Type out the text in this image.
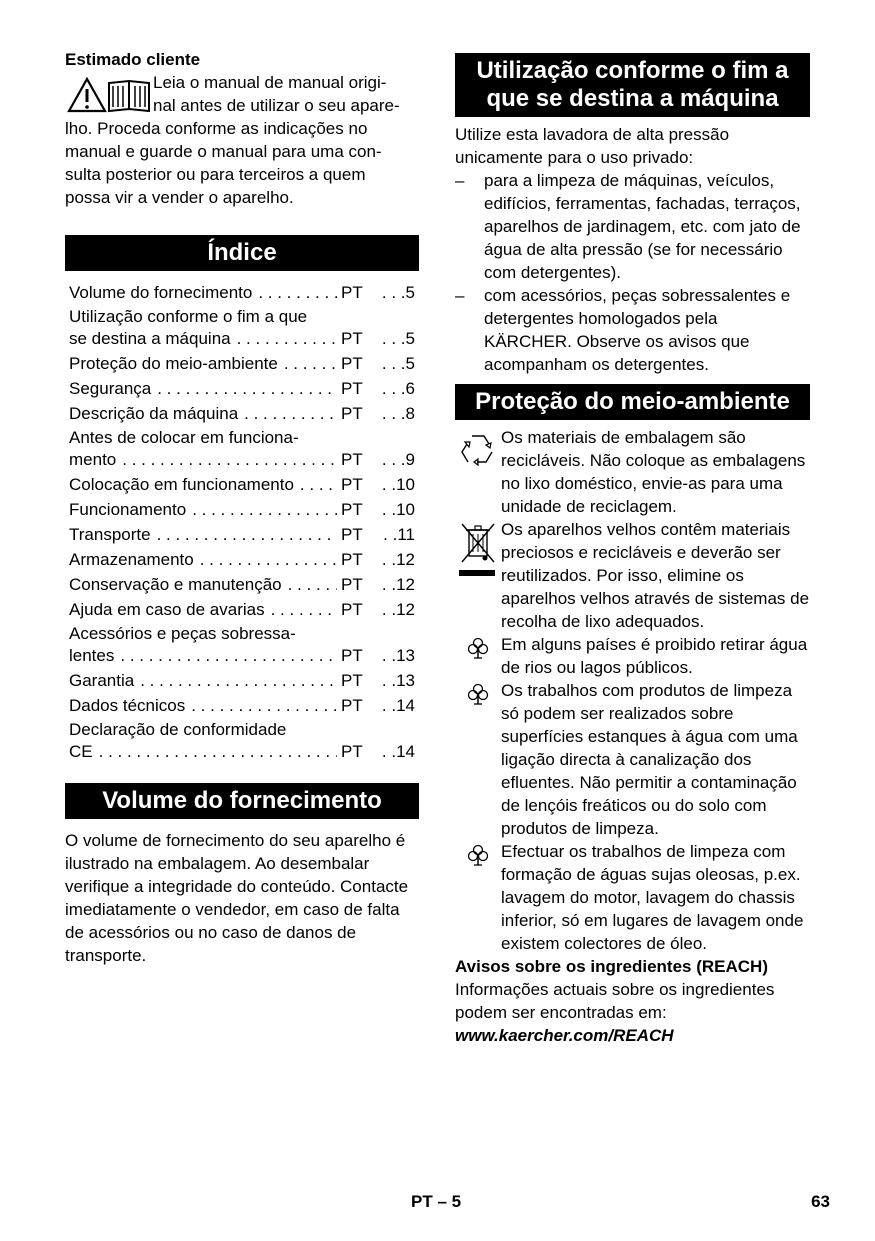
Estimado cliente

Leia o manual de manual origi-

nal antes de utilizar o seu apare-

lho. Proceda conforme as indicações no

manual e guarde o manual para uma con-

sulta posterior ou para terceiros a quem

possa vir a vender o aparelho.

Índice
Volume do fornecimento . . .	PT	. . .5
Utilização conforme o fim a que
se destina a máquina . . .	PT	. . .5
Proteção do meio-ambiente . . .	PT	. . .5
Segurança . . .	PT	. . .6
Descrição da máquina . . .	PT	. . .8
Antes de colocar em funciona-
mento . . .	PT	. . .9
Colocação em funcionamento . . .	PT	. .10
Funcionamento . . .	PT	. .10
Transporte . . .	PT	. .11
Armazenamento . . .	PT	. .12
Conservação e manutenção . . .	PT	. .12
Ajuda em caso de avarias . . .	PT	. .12
Acessórios e peças sobressa-
lentes . . .	PT	. .13
Garantia . . .	PT	. .13
Dados técnicos . . .	PT	. .14
Declaração de conformidade
CE . . .	PT	. .14
Volume do fornecimento

O volume de fornecimento do seu aparelho é ilustrado na embalagem. Ao desembalar verifique a integridade do conteúdo. Contacte imediatamente o vendedor, em caso de falta de acessórios ou no caso de danos de transporte.

Utilização conforme o fim a
que se destina a máquina

Utilize esta lavadora de alta pressão unicamente para o uso privado:

– para a limpeza de máquinas, veículos, edifícios, ferramentas, fachadas, terraços, aparelhos de jardinagem, etc. com jato de água de alta pressão (se for necessário com detergentes).
– com acessórios, peças sobressalentes e detergentes homologados pela KÄRCHER. Observe os avisos que acompanham os detergentes.
Proteção do meio-ambiente

Os materiais de embalagem são recicláveis. Não coloque as embalagens no lixo doméstico, envie-as para uma unidade de reciclagem.

Os aparelhos velhos contêm materiais preciosos e recicláveis e deverão ser reutilizados. Por isso, elimine os aparelhos velhos através de sistemas de recolha de lixo adequados.

Em alguns países é proibido retirar água de rios ou lagos públicos.

Os trabalhos com produtos de limpeza só podem ser realizados sobre superfícies estanques à água com uma ligação directa à canalização dos efluentes. Não permitir a contaminação de lençóis freáticos ou do solo com produtos de limpeza.

Efectuar os trabalhos de limpeza com formação de águas sujas oleosas, p.ex. lavagem do motor, lavagem do chassis inferior, só em lugares de lavagem onde existem colectores de óleo.

Avisos sobre os ingredientes (REACH)

Informações actuais sobre os ingredientes podem ser encontradas em:

www.kaercher.com/REACH

PT – 5	63
